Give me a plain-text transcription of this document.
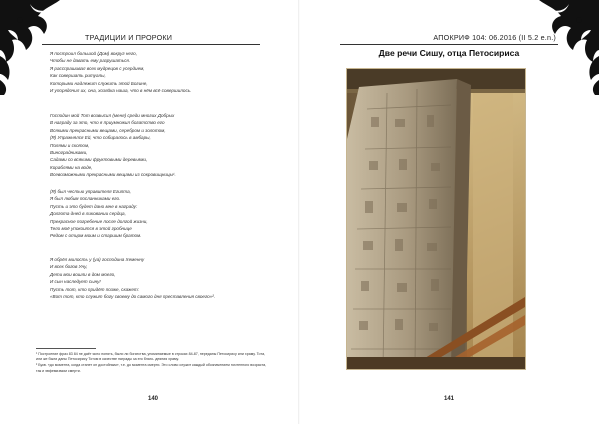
ТРАДИЦИИ И ПРОРОКИ
Я построил большой (Дом) вокруг него,
Чтобы не давать ему разрушаться.
Я расспрашивал всех мудрецов с усердием,
Как совершать ритуалы,
Которыми надлежит служить этой Богине,
И упорядочил их, она, хозяйка наша, что в нём всё совершилось.
Господин мой Тот возвысил (меня) среди многих Добрых
В награду за это, что я приумножил богатство его
Всякими прекрасными вещами, серебром и золотом,
(Я) Упражнялся Ей, что собиралось в амбары,
Полями и скотом,
Виноградниками,
Садами со всякими фруктовыми деревьями,
Кораблями на воде,
Всевозможными прекрасными вещами из сокровищницы¹.
(Я) был честью управителя Египта,
Я был любим посланниками его.
Пусть и это будет дано мне в награду:
Долгота дней в ликовании сердца,
Прекрасное погребение после долгой жизни,
Тело моё упокоится в этой гробнице
Рядом с отцом моим и старшим братом.
Я обрёл милость у (уа) господина Хеменну
И всех богов Уну,
Дети мои вошли в дом моего,
И сын наследует сыну!
Пусть тот, кто придёт позже, скажет:
«Вот тот, кто служит богу своему до самого дня преставления своего»².

¹ Построение фраз 83 84 не даёт ясно понять, были ли богатства, упоминаемые в строках 84-87, переданы Петосирису или храму. Тота, или же были даны Петосирису Тотом в качестве награды за его благо- деяния храму.

² Букв. «до момента, когда станет он достойным», т.е. до момента смерти. Это слово служит каждый обозначением почтенного возраста, так и эвфемизмом смерти.

140
АПОКРИФ 104: 06.2016 (II 5.2 e.n.)
Две речи Сишу, отца Петосириса
141
